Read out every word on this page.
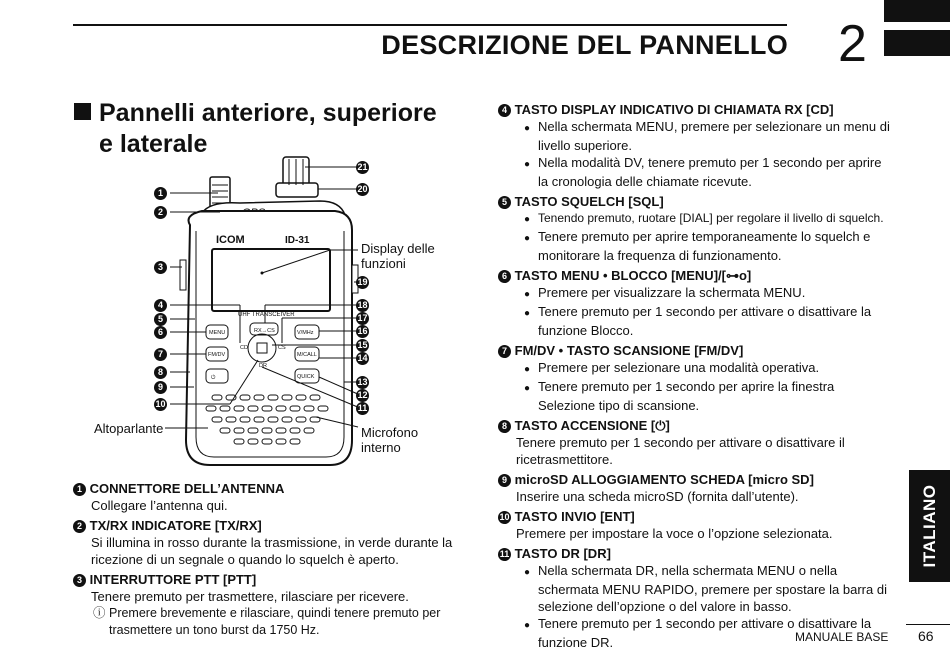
DESCRIZIONE DEL PANNELLO 2
Pannelli anteriore, superiore
e laterale
ICOM	ID-31
UHF TRANSCEIVER
MENU	RX→CS	V/MHz
FM/DV	M/CALL
⏻	QUICK
CD	CS
DR
1
2
3
4
5
6
7
8
9
10
21
20
19
18
17
16
15
14
13
12
11
Display delle
funzioni
Altoparlante	Microfono
interno
1 CONNETTORE DELL’ANTENNA
Collegare l’antenna qui.
2 TX/RX INDICATORE [TX/RX]
Si illumina in rosso durante la trasmissione, in verde durante la ricezione di un segnale o quando lo squelch è aperto.
3 INTERRUTTORE PTT [PTT]
Tenere premuto per trasmettere, rilasciare per ricevere.
ⓘ Premere brevemente e rilasciare, quindi tenere premuto per trasmettere un tono burst da 1750 Hz.
4 TASTO DISPLAY INDICATIVO DI CHIAMATA RX [CD]
● Nella schermata MENU, premere per selezionare un menu di livello superiore.
● Nella modalità DV, tenere premuto per 1 secondo per aprire la cronologia delle chiamate ricevute.
5 TASTO SQUELCH [SQL]
● Tenendo premuto, ruotare [DIAL] per regolare il livello di squelch.
● Tenere premuto per aprire temporaneamente lo squelch e monitorare la frequenza di funzionamento.
6 TASTO MENU • BLOCCO [MENU]/[⊶o]
● Premere per visualizzare la schermata MENU.
● Tenere premuto per 1 secondo per attivare o disattivare la funzione Blocco.
7 FM/DV • TASTO SCANSIONE [FM/DV]
● Premere per selezionare una modalità operativa.
● Tenere premuto per 1 secondo per aprire la finestra Selezione tipo di scansione.
8 TASTO ACCENSIONE [⏻]
Tenere premuto per 1 secondo per attivare o disattivare il ricetrasmettitore.
9 microSD ALLOGGIAMENTO SCHEDA [micro SD]
Inserire una scheda microSD (fornita dall’utente).
10 TASTO INVIO [ENT]
Premere per impostare la voce o l’opzione selezionata.
11 TASTO DR [DR]
● Nella schermata DR, nella schermata MENU o nella schermata MENU RAPIDO, premere per spostare la barra di selezione dell’opzione o del valore in basso.
● Tenere premuto per 1 secondo per attivare o disattivare la funzione DR.
ITALIANO
MANUALE BASE 66
